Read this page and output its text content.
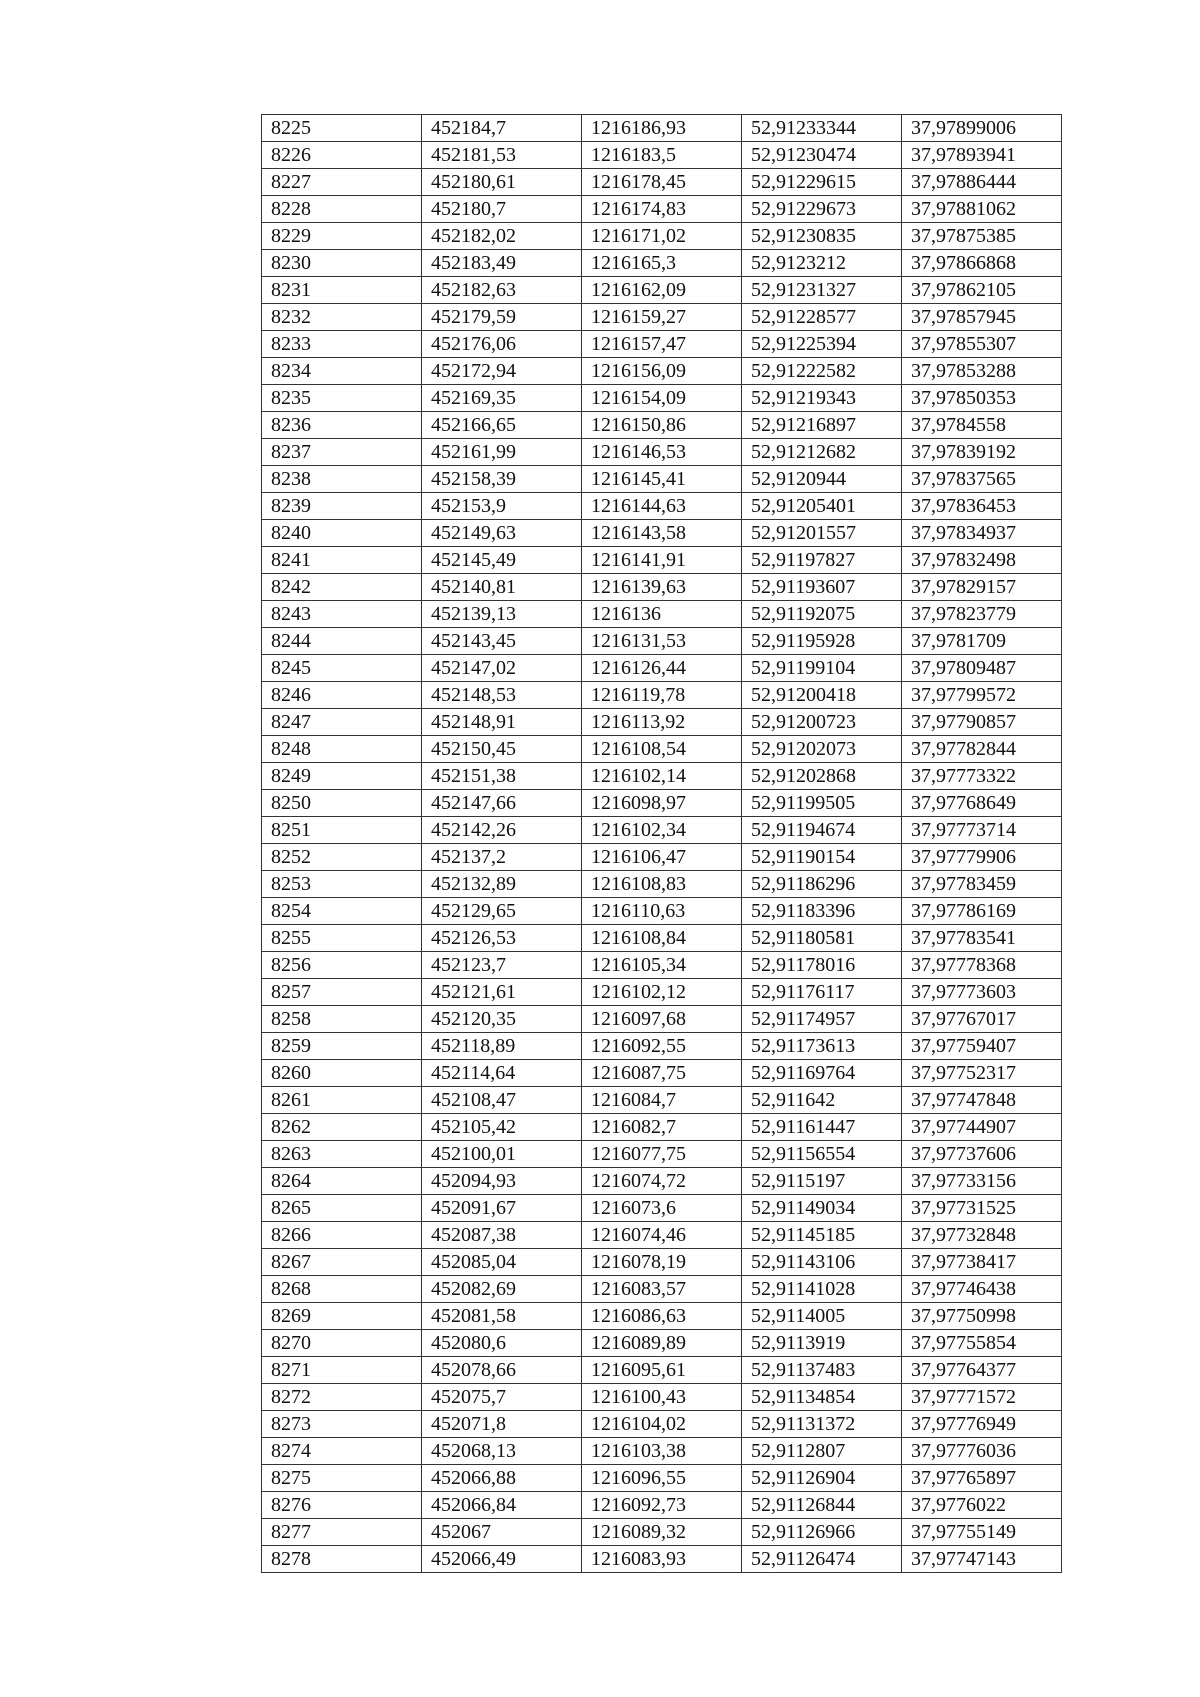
8225	452184,7	1216186,93	52,91233344	37,97899006
8226	452181,53	1216183,5	52,91230474	37,97893941
8227	452180,61	1216178,45	52,91229615	37,97886444
8228	452180,7	1216174,83	52,91229673	37,97881062
8229	452182,02	1216171,02	52,91230835	37,97875385
8230	452183,49	1216165,3	52,9123212	37,97866868
8231	452182,63	1216162,09	52,91231327	37,97862105
8232	452179,59	1216159,27	52,91228577	37,97857945
8233	452176,06	1216157,47	52,91225394	37,97855307
8234	452172,94	1216156,09	52,91222582	37,97853288
8235	452169,35	1216154,09	52,91219343	37,97850353
8236	452166,65	1216150,86	52,91216897	37,9784558
8237	452161,99	1216146,53	52,91212682	37,97839192
8238	452158,39	1216145,41	52,9120944	37,97837565
8239	452153,9	1216144,63	52,91205401	37,97836453
8240	452149,63	1216143,58	52,91201557	37,97834937
8241	452145,49	1216141,91	52,91197827	37,97832498
8242	452140,81	1216139,63	52,91193607	37,97829157
8243	452139,13	1216136	52,91192075	37,97823779
8244	452143,45	1216131,53	52,91195928	37,9781709
8245	452147,02	1216126,44	52,91199104	37,97809487
8246	452148,53	1216119,78	52,91200418	37,97799572
8247	452148,91	1216113,92	52,91200723	37,97790857
8248	452150,45	1216108,54	52,91202073	37,97782844
8249	452151,38	1216102,14	52,91202868	37,97773322
8250	452147,66	1216098,97	52,91199505	37,97768649
8251	452142,26	1216102,34	52,91194674	37,97773714
8252	452137,2	1216106,47	52,91190154	37,97779906
8253	452132,89	1216108,83	52,91186296	37,97783459
8254	452129,65	1216110,63	52,91183396	37,97786169
8255	452126,53	1216108,84	52,91180581	37,97783541
8256	452123,7	1216105,34	52,91178016	37,97778368
8257	452121,61	1216102,12	52,91176117	37,97773603
8258	452120,35	1216097,68	52,91174957	37,97767017
8259	452118,89	1216092,55	52,91173613	37,97759407
8260	452114,64	1216087,75	52,91169764	37,97752317
8261	452108,47	1216084,7	52,911642	37,97747848
8262	452105,42	1216082,7	52,91161447	37,97744907
8263	452100,01	1216077,75	52,91156554	37,97737606
8264	452094,93	1216074,72	52,9115197	37,97733156
8265	452091,67	1216073,6	52,91149034	37,97731525
8266	452087,38	1216074,46	52,91145185	37,97732848
8267	452085,04	1216078,19	52,91143106	37,97738417
8268	452082,69	1216083,57	52,91141028	37,97746438
8269	452081,58	1216086,63	52,9114005	37,97750998
8270	452080,6	1216089,89	52,9113919	37,97755854
8271	452078,66	1216095,61	52,91137483	37,97764377
8272	452075,7	1216100,43	52,91134854	37,97771572
8273	452071,8	1216104,02	52,91131372	37,97776949
8274	452068,13	1216103,38	52,9112807	37,97776036
8275	452066,88	1216096,55	52,91126904	37,97765897
8276	452066,84	1216092,73	52,91126844	37,9776022
8277	452067	1216089,32	52,91126966	37,97755149
8278	452066,49	1216083,93	52,91126474	37,97747143
